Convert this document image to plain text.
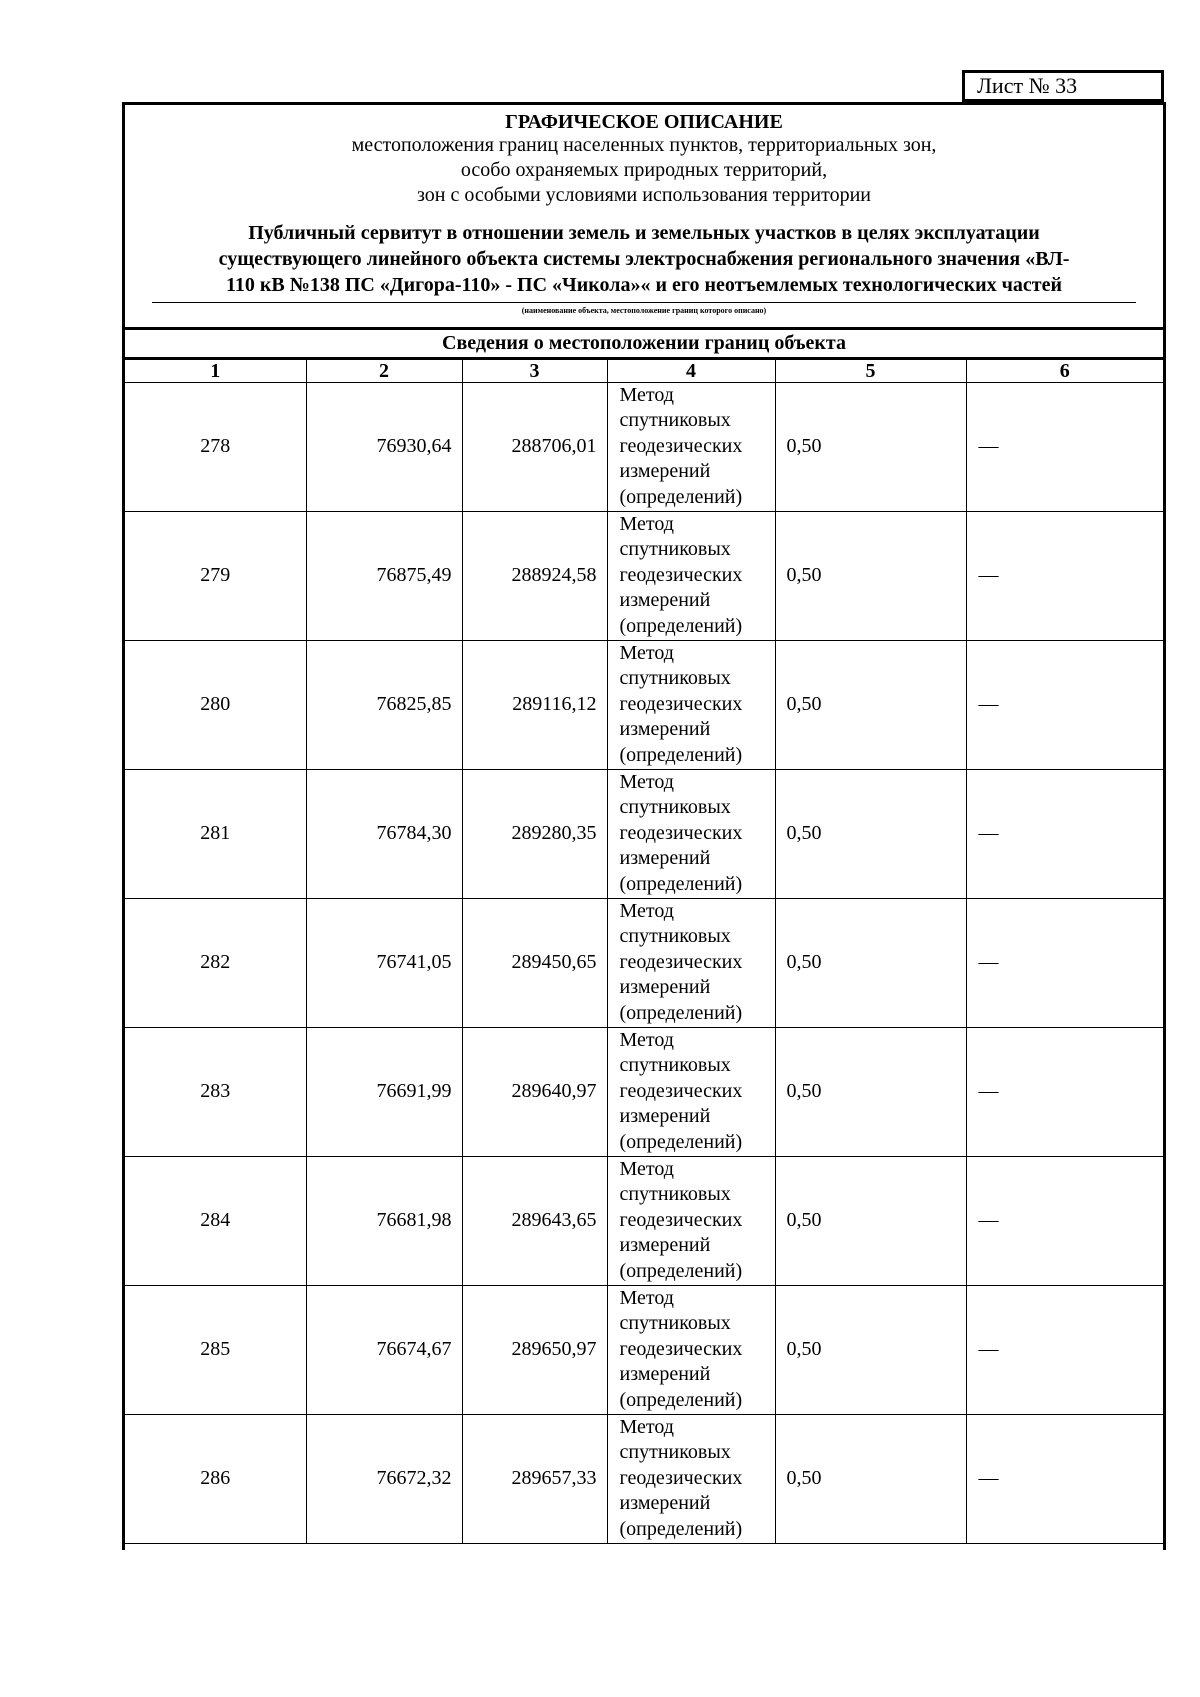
Лист № 33
ГРАФИЧЕСКОЕ ОПИСАНИЕ
местоположения границ населенных пунктов, территориальных зон,
особо охраняемых природных территорий,
зон с особыми условиями использования территории
Публичный сервитут в отношении земель и земельных участков в целях эксплуатации
существующего линейного объекта системы электроснабжения регионального значения «ВЛ-
110 кВ №138 ПС «Дигора-110» - ПС «Чикола»« и его неотъемлемых технологических частей
(наименование объекта, местоположение границ которого описано)
Сведения о местоположении границ объекта
1	2	3	4	5	6
278	76930,64	288706,01	Метод
спутниковых
геодезических
измерений
(определений)	0,50	—
279	76875,49	288924,58	Метод
спутниковых
геодезических
измерений
(определений)	0,50	—
280	76825,85	289116,12	Метод
спутниковых
геодезических
измерений
(определений)	0,50	—
281	76784,30	289280,35	Метод
спутниковых
геодезических
измерений
(определений)	0,50	—
282	76741,05	289450,65	Метод
спутниковых
геодезических
измерений
(определений)	0,50	—
283	76691,99	289640,97	Метод
спутниковых
геодезических
измерений
(определений)	0,50	—
284	76681,98	289643,65	Метод
спутниковых
геодезических
измерений
(определений)	0,50	—
285	76674,67	289650,97	Метод
спутниковых
геодезических
измерений
(определений)	0,50	—
286	76672,32	289657,33	Метод
спутниковых
геодезических
измерений
(определений)	0,50	—
